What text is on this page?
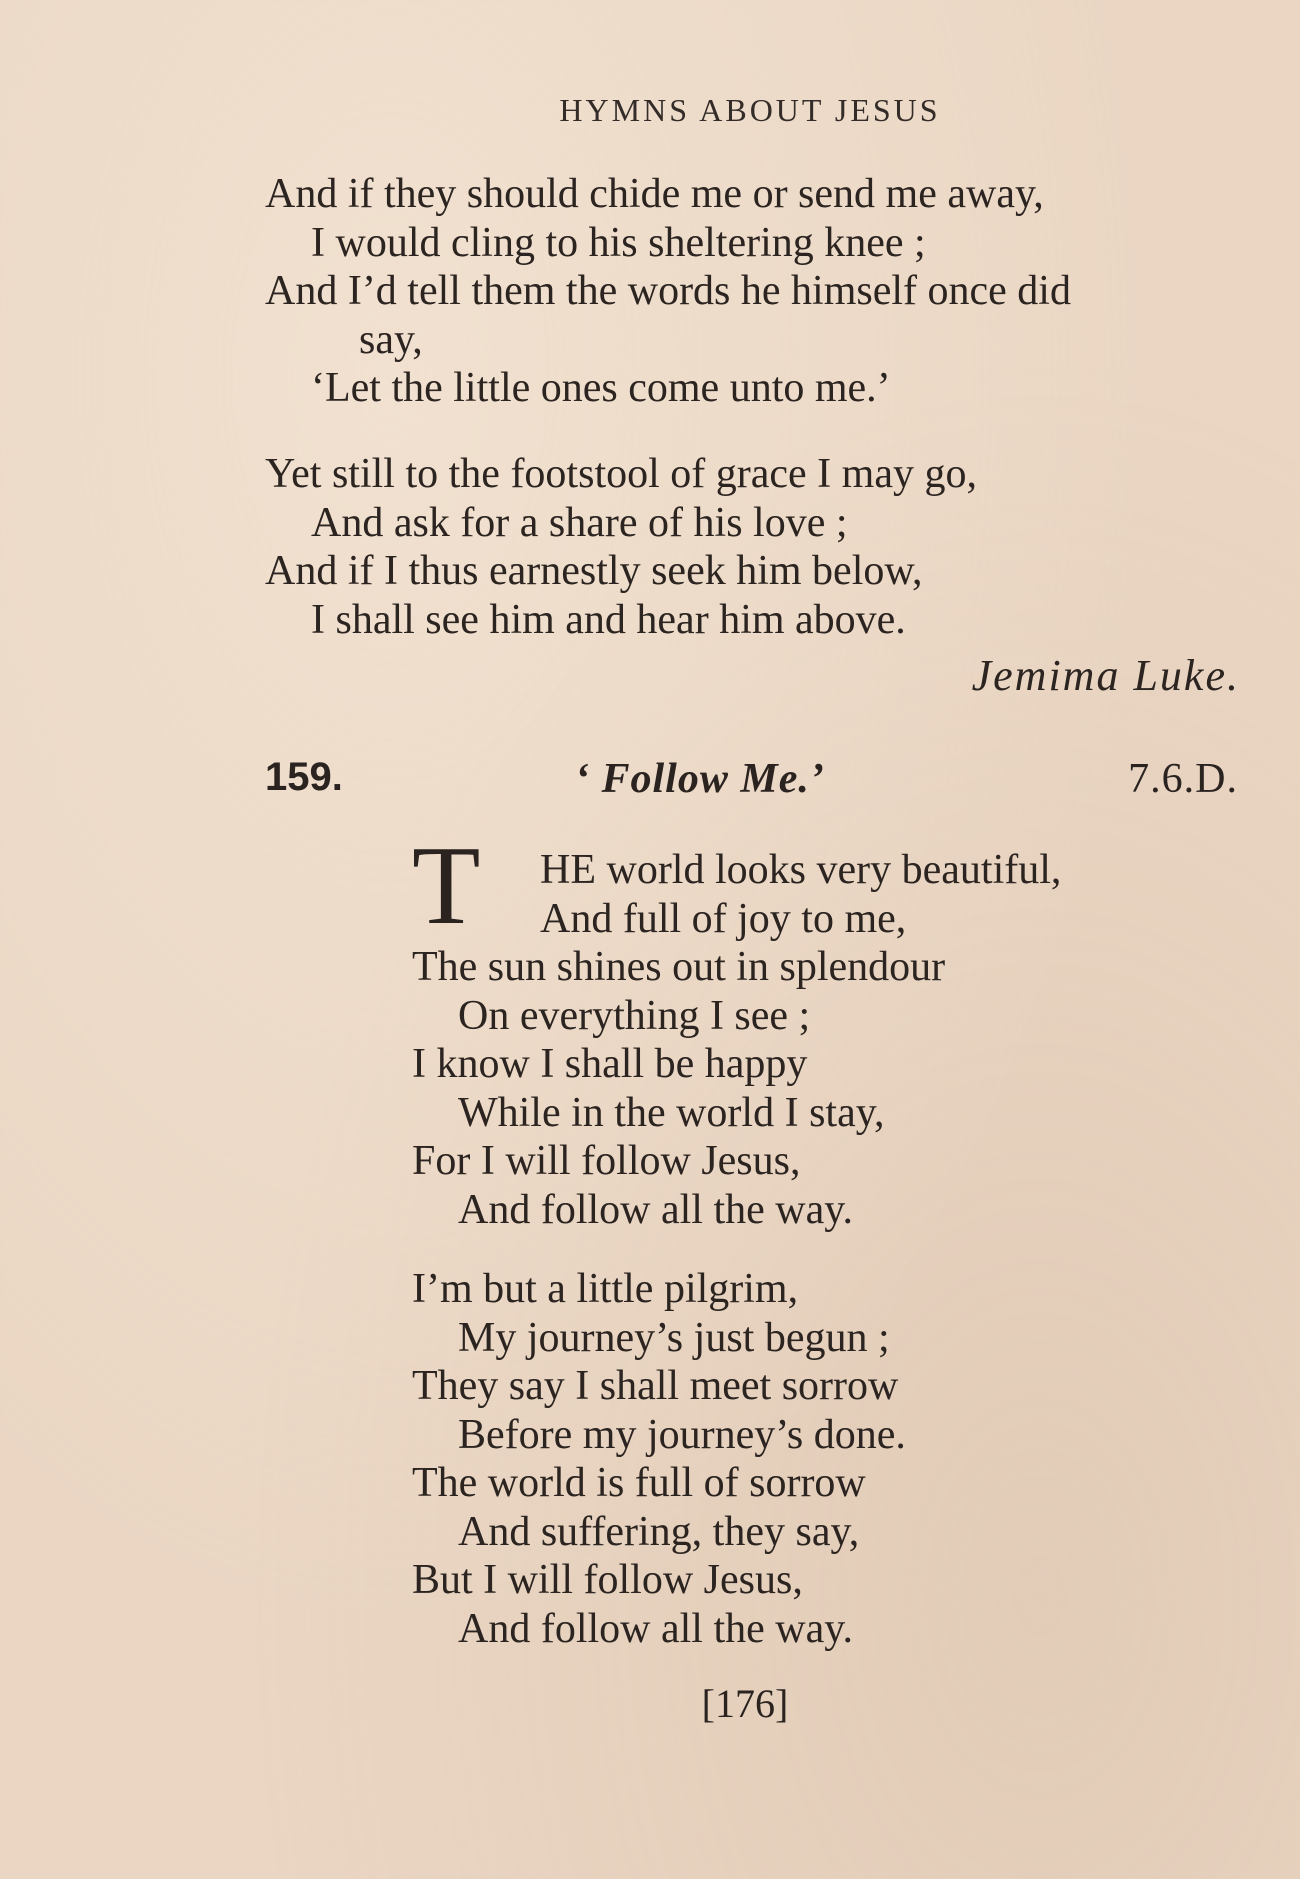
HYMNS ABOUT JESUS
And if they should chide me or send me away,
I would cling to his sheltering knee ;
And I’d tell them the words he himself once did
say,
‘Let the little ones come unto me.’
Yet still to the footstool of grace I may go,
And ask for a share of his love ;
And if I thus earnestly seek him below,
I shall see him and hear him above.
Jemima Luke.
159.	‘ Follow Me.’	7.6.D.
T	HE world looks very beautiful,
And full of joy to me,
The sun shines out in splendour
On everything I see ;
I know I shall be happy
While in the world I stay,
For I will follow Jesus,
And follow all the way.
I’m but a little pilgrim,
My journey’s just begun ;
They say I shall meet sorrow
Before my journey’s done.
The world is full of sorrow
And suffering, they say,
But I will follow Jesus,
And follow all the way.
[176]
